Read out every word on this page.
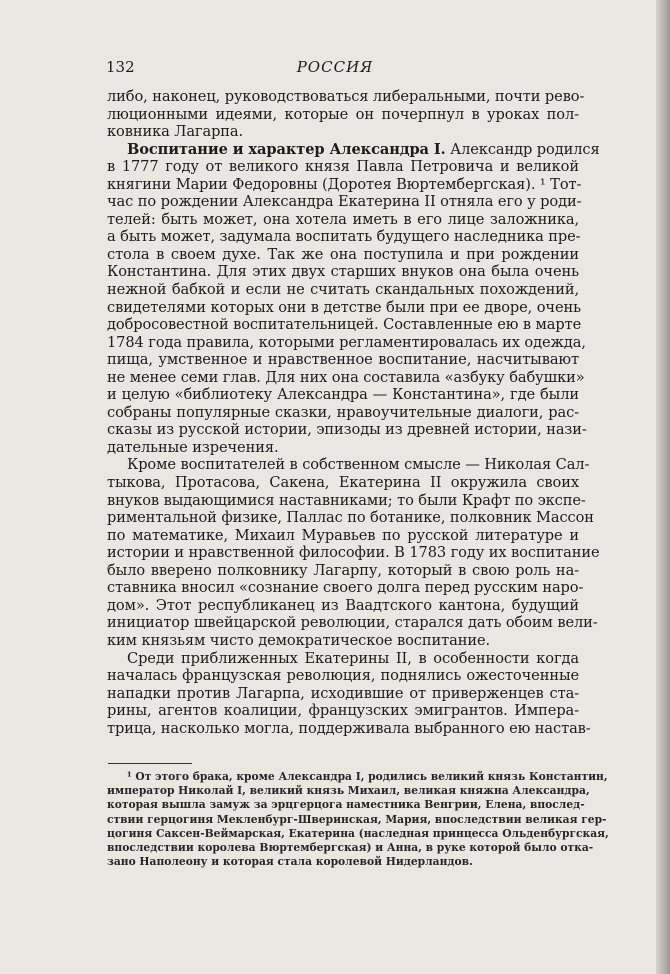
132	РОССИЯ
либо, наконец, руководствоваться либеральными, почти рево-
люционными идеями, которые он почерпнул в уроках пол-
ковника Лагарпа.
Воспитание и характер Александра I. Александр родился
в 1777 году от великого князя Павла Петровича и великой
княгини Марии Федоровны (Доротея Вюртембергская). ¹ Тот-
час по рождении Александра Екатерина II отняла его у роди-
телей: быть может, она хотела иметь в его лице заложника,
а быть может, задумала воспитать будущего наследника пре-
стола в своем духе. Так же она поступила и при рождении
Константина. Для этих двух старших внуков она была очень
нежной бабкой и если не считать скандальных похождений,
свидетелями которых они в детстве были при ее дворе, очень
добросовестной воспитательницей. Составленные ею в марте
1784 года правила, которыми регламентировалась их одежда,
пища, умственное и нравственное воспитание, насчитывают
не менее семи глав. Для них она составила «азбуку бабушки»
и целую «библиотеку Александра — Константина», где были
собраны популярные сказки, нравоучительные диалоги, рас-
сказы из русской истории, эпизоды из древней истории, нази-
дательные изречения.
Кроме воспитателей в собственном смысле — Николая Сал-
тыкова, Протасова, Сакена, Екатерина II окружила своих
внуков выдающимися наставниками; то были Крафт по экспе-
риментальной физике, Паллас по ботанике, полковник Массон
по математике, Михаил Муравьев по русской литературе и
истории и нравственной философии. В 1783 году их воспитание
было вверено полковнику Лагарпу, который в свою роль на-
ставника вносил «сознание своего долга перед русским наро-
дом». Этот республиканец из Ваадтского кантона, будущий
инициатор швейцарской революции, старался дать обоим вели-
ким князьям чисто демократическое воспитание.
Среди приближенных Екатерины II, в особенности когда
началась французская революция, поднялись ожесточенные
нападки против Лагарпа, исходившие от приверженцев ста-
рины, агентов коалиции, французских эмигрантов. Импера-
трица, насколько могла, поддерживала выбранного ею настав-
¹ От этого брака, кроме Александра I, родились великий князь Константин,
император Николай I, великий князь Михаил, великая княжна Александра,
которая вышла замуж за эрцгерцога наместника Венгрии, Елена, впослед-
ствии герцогиня Мекленбург-Шверинская, Мария, впоследствии великая гер-
цогиня Саксен-Веймарская, Екатерина (наследная принцесса Ольденбургская,
впоследствии королева Вюртембергская) и Анна, в руке которой было отка-
зано Наполеону и которая стала королевой Нидерландов.
